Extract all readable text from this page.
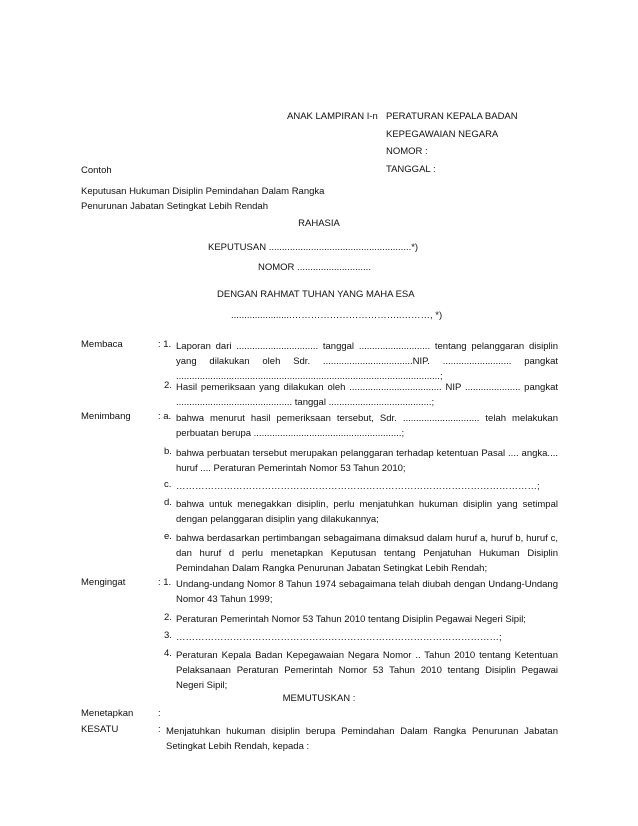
ANAK LAMPIRAN I-n PERATURAN KEPALA BADAN
KEPEGAWAIAN NEGARA
NOMOR :
TANGGAL :
Contoh
Keputusan Hukuman Disiplin Pemindahan Dalam Rangka
Penurunan Jabatan Setingkat Lebih Rendah
RAHASIA
KEPUTUSAN ......................................................*)
NOMOR ............................
DENGAN RAHMAT TUHAN YANG MAHA ESA
.......................……………………………..………, *)
Membaca	: 1. Laporan dari ............................... tanggal ........................... tentang pelanggaran disiplin yang dilakukan oleh Sdr. ..................................NIP. .......................... pangkat ....................................................................................................;
2. Hasil pemeriksaan yang dilakukan oleh ................................... NIP ..................... pangkat ............................................ tanggal .......................................;
Menimbang	: a. bahwa menurut hasil pemeriksaan tersebut, Sdr. ............................. telah melakukan perbuatan berupa ........................................................;
b. bahwa perbuatan tersebut merupakan pelanggaran terhadap ketentuan Pasal .... angka.... huruf .... Peraturan Pemerintah Nomor 53 Tahun 2010;
c. ……………………………………………………………………………………………………;
d. bahwa untuk menegakkan disiplin, perlu menjatuhkan hukuman disiplin yang setimpal dengan pelanggaran disiplin yang dilakukannya;
e. bahwa berdasarkan pertimbangan sebagaimana dimaksud dalam huruf a, huruf b, huruf c, dan huruf d perlu menetapkan Keputusan tentang Penjatuhan Hukuman Disiplin Pemindahan Dalam Rangka Penurunan Jabatan Setingkat Lebih Rendah;
Mengingat	: 1. Undang-undang Nomor 8 Tahun 1974 sebagaimana telah diubah dengan Undang-Undang Nomor 43 Tahun 1999;
2. Peraturan Pemerintah Nomor 53 Tahun 2010 tentang Disiplin Pegawai Negeri Sipil;
3. …………………………………………………………………………………………;
4. Peraturan Kepala Badan Kepegawaian Negara Nomor .. Tahun 2010 tentang Ketentuan Pelaksanaan Peraturan Pemerintah Nomor 53 Tahun 2010 tentang Disiplin Pegawai Negeri Sipil;
MEMUTUSKAN :
Menetapkan	:
KESATU	: Menjatuhkan hukuman disiplin berupa Pemindahan Dalam Rangka Penurunan Jabatan Setingkat Lebih Rendah, kepada :
